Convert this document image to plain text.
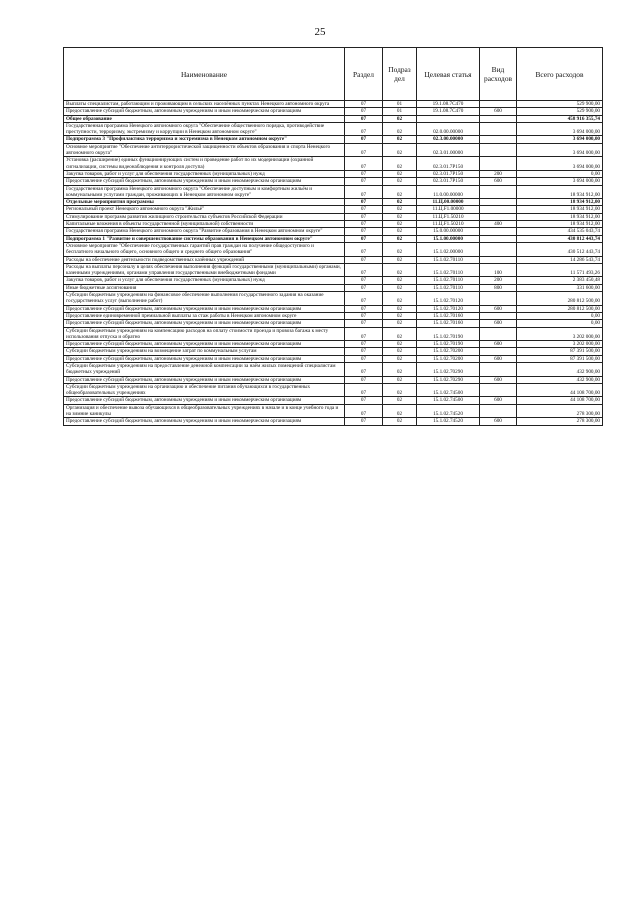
25
Наименование	Раздел	Подраз дел	Целевая статья	Вид расходов	Всего расходов
Выплаты специалистам, работающим и проживающим в сельских населённых пунктах Ненецкого автономного округа	07	01	19.1.08.7С470		529 900,00
Предоставление субсидий бюджетным, автономным учреждениям и иным некоммерческим организациям	07	01	19.1.08.7С470	600	529 900,00
Общее образование	07	02			458 916 355,74
Государственная программа Ненецкого автономного округа "Обеспечение общественного порядка, противодействие преступности, терроризму, экстремизму и коррупции в Ненецком автономном округе"	07	02	02.0.00.00000		3 694 000,00
Подпрограмма 3 "Профилактика терроризма и экстремизма в Ненецком автономном округе"	07	02	02.3.00.00000		3 694 000,00
Основное мероприятие "Обеспечение антитеррористической защищенности объектов образования и спорта Ненецкого автономного округа"	07	02	02.3.01.00000		3 694 000,00
Установка (расширение) единых функционирующих систем и проведение работ по их модернизации (охранной сигнализации, системы видеонаблюдения и контроля доступа)	07	02	02.3.01.7Р150		3 694 000,00
Закупка товаров, работ и услуг для обеспечения государственных (муниципальных) нужд	07	02	02.3.01.7Р150	200	0,00
Предоставление субсидий бюджетным, автономным учреждениям и иным некоммерческим организациям	07	02	02.3.01.7Р150	600	3 694 000,00
Государственная программа Ненецкого автономного округа "Обеспечение доступным и комфортным жильём и коммунальными услугами граждан, проживающих в Ненецком автономном округе"	07	02	11.0.00.00000		18 934 912,00
Отдельные мероприятия программы	07	02	11.Ц.00.00000		18 934 912,00
Региональный проект Ненецкого автономного округа "Жильё"	07	02	11.Ц.F1.00000		18 934 912,00
Стимулирование программ развития жилищного строительства субъектов Российской Федерации	07	02	11.Ц.F1.50210		18 934 912,00
Капитальные вложения в объекты государственной (муниципальной) собственности	07	02	11.Ц.F1.50210	400	18 934 912,00
Государственная программа Ненецкого автономного округа "Развитие образования в Ненецком автономном округе"	07	02	15.0.00.00000		434 535 043,74
Подпрограмма 1 "Развитие и совершенствование системы образования в Ненецком автономном округе"	07	02	15.1.00.00000		430 812 443,74
Основное мероприятие "Обеспечение государственных гарантий прав граждан на получение общедоступного и бесплатного начального общего, основного общего и среднего общего образования"	07	02	15.1.02.00000		430 512 443,74
Расходы на обеспечение деятельности подведомственных казённых учреждений	07	02	15.1.02.70110		14 286 543,74
Расходы на выплаты персоналу в целях обеспечения выполнения функций государственными (муниципальными) органами, казенными учреждениями, органами управления государственными внебюджетными фондами	07	02	15.1.02.70110	100	11 571 493,26
Закупка товаров, работ и услуг для обеспечения государственных (муниципальных) нужд	07	02	15.1.02.70110	200	2 383 450,48
Иные бюджетные ассигнования	07	02	15.1.02.70110	800	331 600,00
Субсидии бюджетным учреждениям на финансовое обеспечение выполнения государственного задания на оказание государственных услуг (выполнение работ)	07	02	15.1.02.70120		280 812 500,00
Предоставление субсидий бюджетным, автономным учреждениям и иным некоммерческим организациям	07	02	15.1.02.70120	600	280 812 500,00
Предоставление единовременной премиальной выплаты за стаж работы в Ненецком автономном округе	07	02	15.1.02.70160		0,00
Предоставление субсидий бюджетным, автономным учреждениям и иным некоммерческим организациям	07	02	15.1.02.70160	600	0,00
Субсидии бюджетным учреждениям на компенсацию расходов на оплату стоимости проезда и провоза багажа к месту использования отпуска и обратно	07	02	15.1.02.70190		3 202 000,00
Предоставление субсидий бюджетным, автономным учреждениям и иным некоммерческим организациям	07	02	15.1.02.70190	600	3 202 000,00
Субсидии бюджетным учреждениям на возмещение затрат по коммунальным услугам	07	02	15.1.02.70200		87 391 500,00
Предоставление субсидий бюджетным, автономным учреждениям и иным некоммерческим организациям	07	02	15.1.02.70200	600	87 391 500,00
Субсидии бюджетным учреждениям на предоставление денежной компенсации за наём жилых помещений специалистам бюджетных учреждений	07	02	15.1.02.70290		432 900,00
Предоставление субсидий бюджетным, автономным учреждениям и иным некоммерческим организациям	07	02	15.1.02.70290	600	432 900,00
Субсидии бюджетным учреждениям на организацию и обеспечение питания обучающихся в государственных общеобразовательных учреждениях	07	02	15.1.02.74500		44 108 700,00
Предоставление субсидий бюджетным, автономным учреждениям и иным некоммерческим организациям	07	02	15.1.02.74500	600	44 108 700,00
Организация и обеспечение вывоза обучающихся в общеобразовательных учреждениях в начале и в конце учебного года и на зимние каникулы	07	02	15.1.02.74520		278 300,00
Предоставление субсидий бюджетным, автономным учреждениям и иным некоммерческим организациям	07	02	15.1.02.74520	600	278 300,00
